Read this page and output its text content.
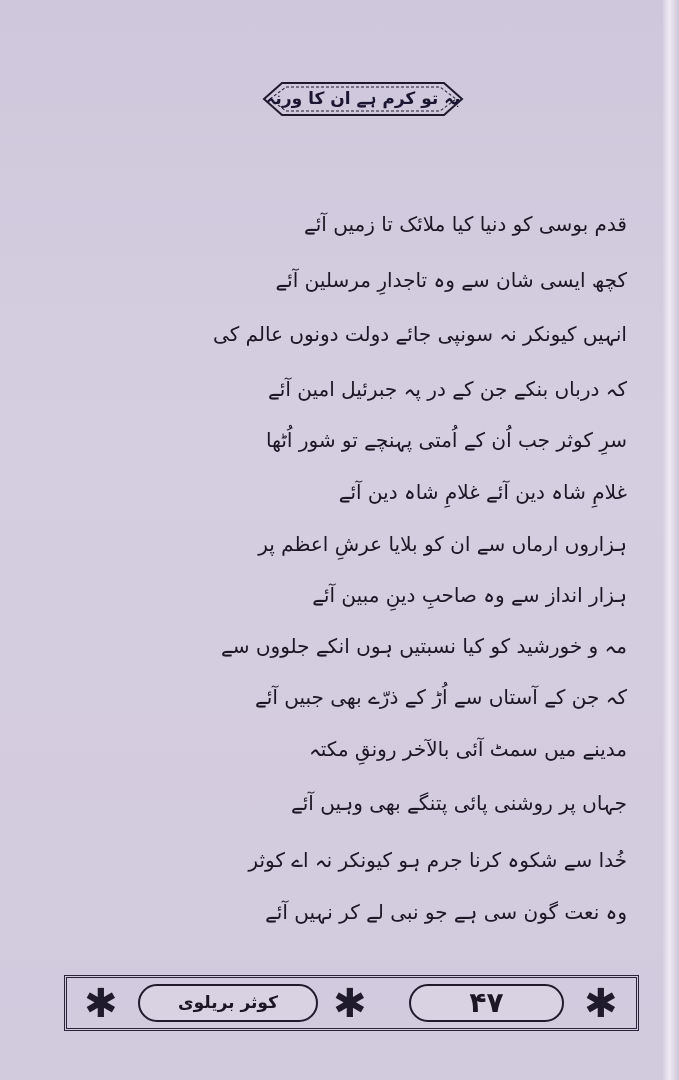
بہ تو کرم ہے ان کا ورنہ
قدم بوسی کو دنیا کیا ملائک تا زمیں آئے
کچھ ایسی شان سے وہ تاجدارِ مرسلین آئے
انہیں کیونکر نہ سونپی جائے دولت دونوں عالم کی
کہ درباں بنکے جن کے در پہ جبرئیل امین آئے
سرِ کوثر جب اُن کے اُمتی پہنچے تو شور اُٹھا
غلامِ شاہ دین آئے غلامِ شاہ دین آئے
ہزاروں ارماں سے ان کو بلایا عرشِ اعظم پر
ہزار انداز سے وہ صاحبِ دینِ مبین آئے
مہ و خورشید کو کیا نسبتیں ہوں انکے جلووں سے
کہ جن کے آستاں سے اُڑ کے ذرّے بھی جبیں آئے
مدینے میں سمٹ آئی بالآخر رونقِ مکتہ
جہاں پر روشنی پائی پتنگے بھی وہیں آئے
خُدا سے شکوہ کرنا جرم ہو کیونکر نہ اے کوثر
وہ نعت گون سی ہے جو نبی لے کر نہیں آئے
✱	کوثر بریلوی	✱	۴۷	✱
